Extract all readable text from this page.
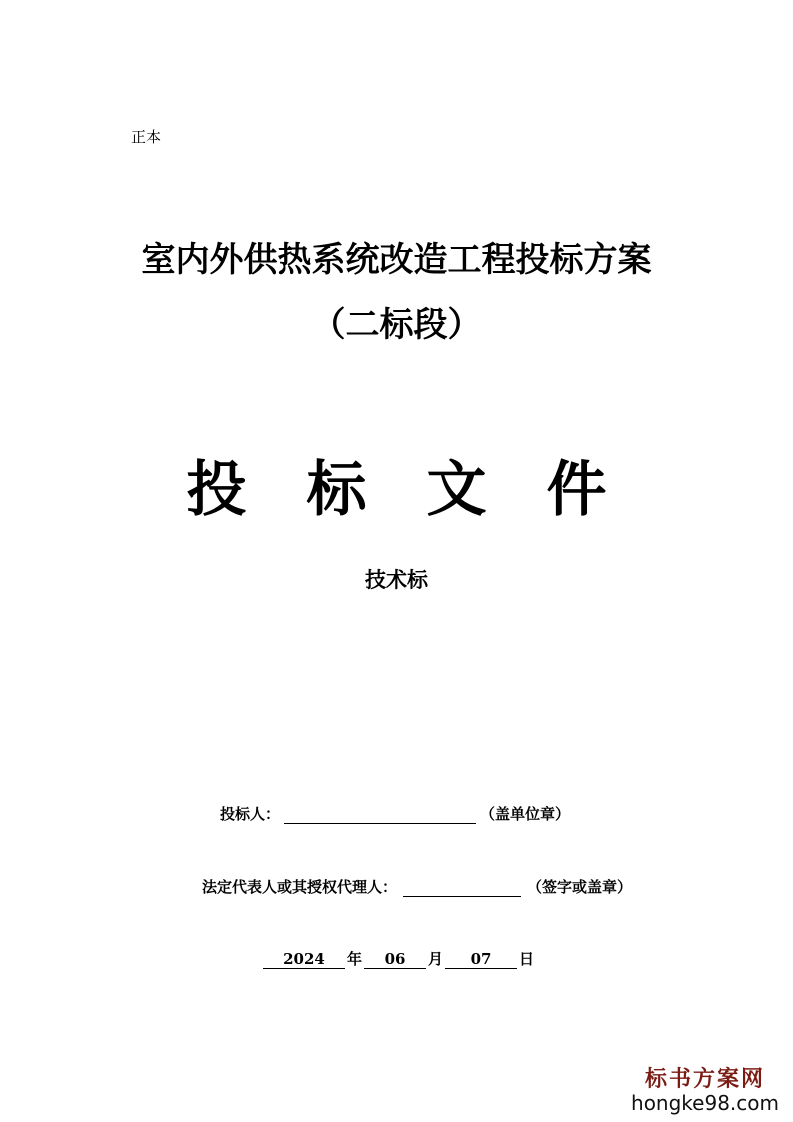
正本
室内外供热系统改造工程投标方案
（二标段）
投 标 文 件
技术标
投标人：	（盖单位章）
法定代表人或其授权代理人：	（签字或盖章）
2024 年 06 月 07 日
标书方案网
hongke98.com
